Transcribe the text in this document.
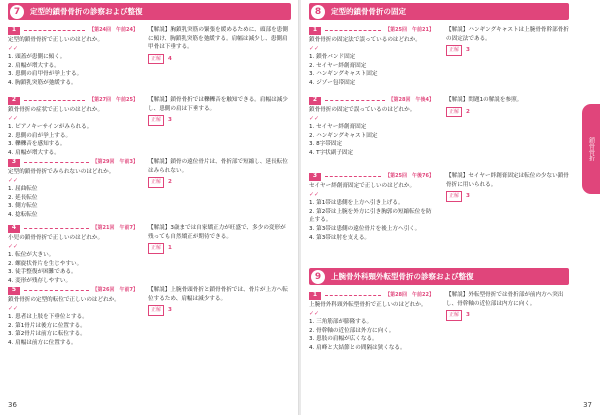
7	定型的鎖骨骨折の診察および整復
1	【第24回　午前24】
定型的鎖骨骨折で正しいのはどれか。
✓✓
1. 頭蓋が患側に傾く。
2. 肩幅が増大する。
3. 患側の肩甲骨が挙上する。
4. 胸鎖乳突筋が弛緩する。
【解説】胸鎖乳突筋の緊張を緩めるために、頭部を患側に傾け、胸鎖乳突筋を弛緩する。肩幅は減少し、患側肩甲骨は下垂する。
正解	4
2	【第27回　午前25】
鎖骨骨折の症状で正しいのはどれか。
✓✓
1. ピアノキーサインがみられる。
2. 患側の肩が挙上する。
3. 轢轢音を感知する。
4. 肩幅が増大する。
【解説】鎖骨骨折では轢轢音を触知できる。肩幅は減少し、患側の肩は下垂する。
正解	3
3	【第29回　午前3】
定型的鎖骨骨折でみられないのはどれか。
✓✓
1. 屈曲転位
2. 延長転位
3. 側方転位
4. 捻転転位
【解説】鎖骨の遠位骨片は、骨折部で短縮し、延長転位はみられない。
正解	2
4	【第21回　午前7】
小児の鎖骨骨折で正しいのはどれか。
✓✓
1. 転位が大きい。
2. 螺旋状骨片を生じやすい。
3. 徒手整復が困難である。
4. 変形が残存しやすい。
【解説】3歳までは自家矯正力が旺盛で、多少の変形が残っても自然矯正が期待できる。
正解	1
5	【第26回　午前7】
鎖骨骨折の定型的転位で正しいのはどれか。
✓✓
1. 患者は上肢を下垂位とする。
2. 第1骨片は後方に位置する。
3. 第2骨片は前方に転位する。
4. 肩幅は前方に位置する。
【解説】上腕骨頭骨折と鎖骨骨折では、骨片が上方へ転位するため、肩幅は減少する。
正解	3
36
8	定型的鎖骨骨折の固定
1	【第25回　午前21】
鎖骨骨折の固定法で誤っているのはどれか。
✓✓
1. 鎖骨バンド固定
2. セイヤー絆創膏固定
3. ハンギングキャスト固定
4. ジゾー包帯固定
【解説】ハンギングキャストは上腕骨骨幹部骨折の固定法である。
正解	3
2	【第28回　午後4】
鎖骨骨折の固定で誤っているのはどれか。
✓✓
1. セイヤー絆創膏固定
2. ハンギングキャスト固定
3. 8字帯固定
4. T字状副子固定
【解説】問題1の解説を参照。
正解	2
3	【第25回　午後76】
セイヤー絆創膏固定で正しいのはどれか。
✓✓
1. 第1帯は患側を上方へ引き上げる。
2. 第2帯は上腕を外方に引き胸郭の短縮転位を防止する。
3. 第3帯は患側の遠位骨片を後上方へ引く。
4. 第3帯は肘を支える。
【解説】セイヤー絆創膏固定は転位の少ない鎖骨骨折に用いられる。
正解	3
9	上腕骨外科頸外転型骨折の診察および整復
1	【第28回　午前22】
上腕骨外科頸外転型骨折で正しいのはどれか。
✓✓
1. 三角筋部が膨隆する。
2. 骨幹軸の近位部は外方に向く。
3. 患肢の肩幅が広くなる。
4. 肩峰と大結節との間隔は狭くなる。
【解説】外転型骨折では骨折部が前内方へ突出し、骨幹軸の近位部は内方に向く。
正解	3
鎖骨骨折
37
